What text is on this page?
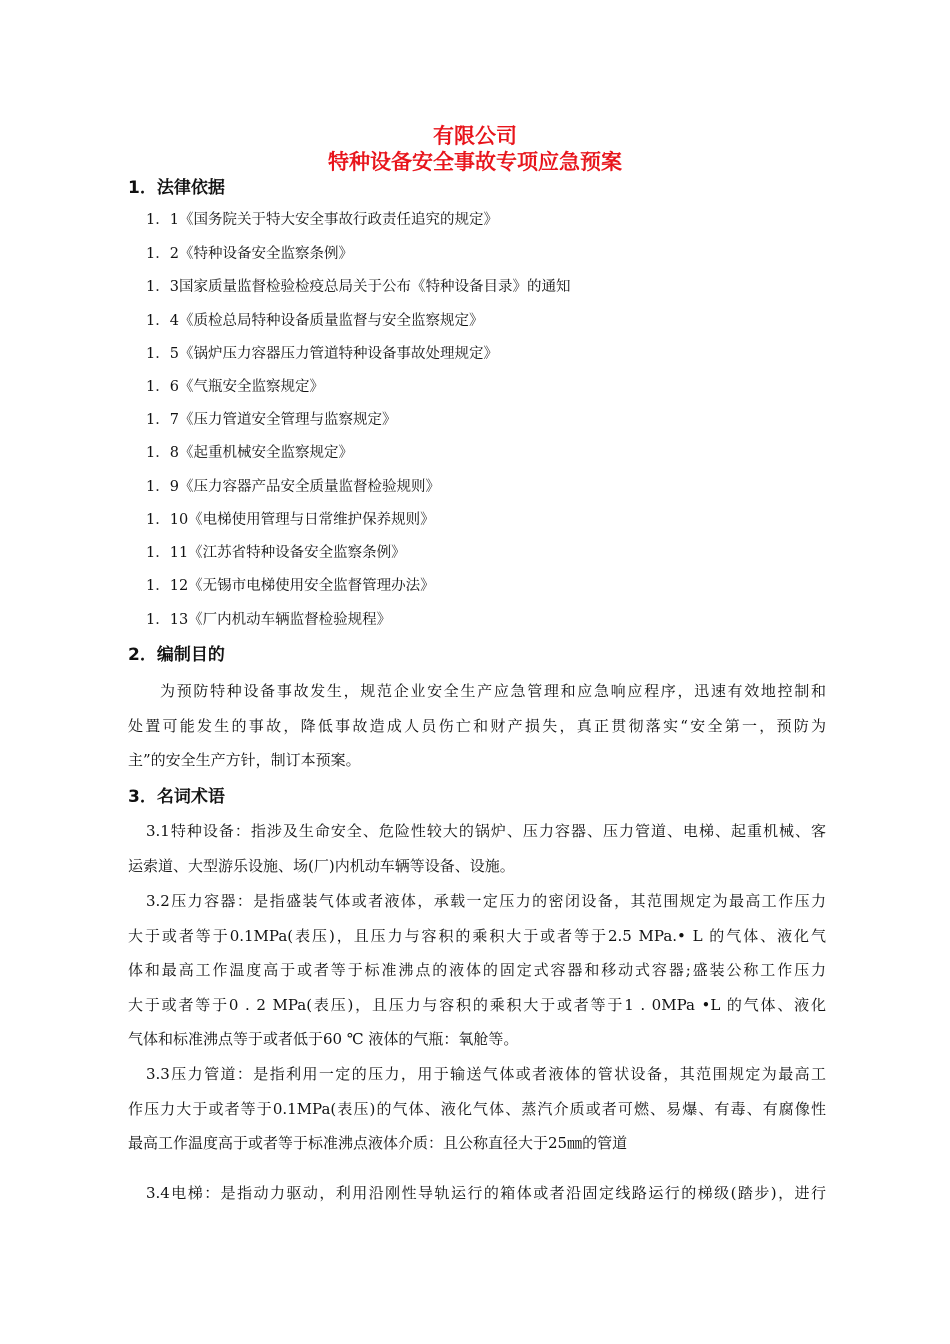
有限公司
特种设备安全事故专项应急预案
1．法律依据
1．1《国务院关于特大安全事故行政责任追究的规定》
1．2《特种设备安全监察条例》
1．3国家质量监督检验检疫总局关于公布《特种设备目录》的通知
1．4《质检总局特种设备质量监督与安全监察规定》
1．5《锅炉压力容器压力管道特种设备事故处理规定》
1．6《气瓶安全监察规定》
1．7《压力管道安全管理与监察规定》
1．8《起重机械安全监察规定》
1．9《压力容器产品安全质量监督检验规则》
1．10《电梯使用管理与日常维护保养规则》
1．11《江苏省特种设备安全监察条例》
1．12《无锡市电梯使用安全监督管理办法》
1．13《厂内机动车辆监督检验规程》
2．编制目的
为预防特种设备事故发生，规范企业安全生产应急管理和应急响应程序，迅速有效地控制和
处置可能发生的事故，降低事故造成人员伤亡和财产损失，真正贯彻落实“安全第一，预防为
主”的安全生产方针，制订本预案。
3．名词术语
3.1特种设备：指涉及生命安全、危险性较大的锅炉、压力容器、压力管道、电梯、起重机械、客
运索道、大型游乐设施、场(厂)内机动车辆等设备、设施。
3.2压力容器：是指盛装气体或者液体，承载一定压力的密闭设备，其范围规定为最高工作压力
大于或者等于0.1MPa(表压)，且压力与容积的乘积大于或者等于2.5 MPa.• L 的气体、液化气
体和最高工作温度高于或者等于标准沸点的液体的固定式容器和移动式容器;盛装公称工作压力
大于或者等于0 . 2 MPa(表压)，且压力与容积的乘积大于或者等于1 . 0MPa •L 的气体、液化
气体和标准沸点等于或者低于60 ℃ 液体的气瓶：氧舱等。
3.3压力管道：是指利用一定的压力，用于输送气体或者液体的管状设备，其范围规定为最高工
作压力大于或者等于0.1MPa(表压)的气体、液化气体、蒸汽介质或者可燃、易爆、有毒、有腐像性
最高工作温度高于或者等于标准沸点液体介质：且公称直径大于25㎜的管道
3.4电梯：是指动力驱动，利用沿刚性导轨运行的箱体或者沿固定线路运行的梯级(踏步)，进行
